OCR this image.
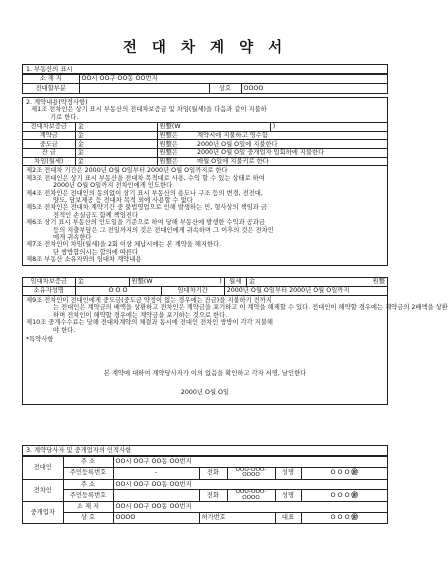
전 대 차 계 약 서
1. 부동산의 표시
소 재 지	OO시 OO구 OO동 OO번지		
전대할부분		상호	OOOO
2. 계약내용(약정사항)
제1조 전차인은 상기 표시 부동산의 전대차보증금 및 차임(월세)을 다음과 같이 지불하
기로 한다.
전대차보증금	金	원整(W		)
계약금	金	원整은	계약시에 지불하고 영수함	
중도금	金	원整은	2000년 O월 O일에 지불한다	
잔 금	金	원整은	2000년 O월 O일 중개업자 입회하에 지불한다	
차임(월세)	金	원整은	매월 O일에 지불키로 한다	
제2조 전대차 기간은 2000년 O월 O일부터 2000년 O월 O일까지로 한다
제3조 전대인은 상기 표시 부동산을 전대차 목적대로 사용, 수익 할 수 있는 상태로 하여
2000년 O월 O일까지 전차인에게 인도한다
제4조 전차인은 전대인의 동의없이 상기 표시 부동산의 용도나 구조 등의 변경, 전전대,
양도, 담보제공 등 전대차 목적 외에 사용할 수 없다
제5조 전차인은 전대차 계약기간 중 불법영업으로 인해 발생하는 민, 형사상의 책임과 금
전적인 손실금도 함께 책임진다
제6조 상기 표시 부동산의 인도일을 기준으로 하여 당해 부동산에 발생한 수익과 공과금
등의 지출부담은 그 전일까지의 것은 전대인에게 귀속하며 그 이후의 것은 전차인
에게 귀속한다
제7조 전차인이 차임(월세)을 2회 이상 체납시에는 본 계약을 해지한다.
단 쌍방합의시는 합의에 따른다
제8조 부동산 소유자와의 임대차 계약내용
임대차보증금	金	원整(W	)	월세	金	원整
소유자성명	O O O		임대차기간	2000년 O월 O일부터 2000년 O월 O일까지		
제9조 전차인이 전대인에게 중도금(중도금 약정이 없는 경우에는 잔금)을 지불하기 전까지
는 전대인은 계약금의 배액을 상환하고 전차인은 계약금을 포기하고 이 계약을 해제할 수 있다. 전대인이 해약할 경우에는 계약금의 2배액을 상환
하며 전차인이 해약할 경우에는 계약금을 포기하는 것으로 한다.
제10조 중개수수료는 당해 전대차계약의 체결과 동시에 전대인 전차인 쌍방이 각각 지불해
야 한다.
*특약사항
본 계약에 대하여 계약당사자가 이의 없음을 확인하고 각자 서명, 날인한다
2000년 O월 O일
3. 계약당사자 및 중개업자의 인적사항
전대인	주 소	OO시 OO구 OO동 OO번지				
	주민등록번호	-	전화	OOO-OOO-OOOO	성명	O O O ㊞
전차인	주 소	OO시 OO구 OO동 OO번지				
	주민등록번호		전화	OOO-OOO-OOOO	성명	O O O ㊞
중개업자	소 재 지	OO시 OO구 OO동 OO번지				
	상 호	OOOO	허가번호		대표	O O O ㊞
